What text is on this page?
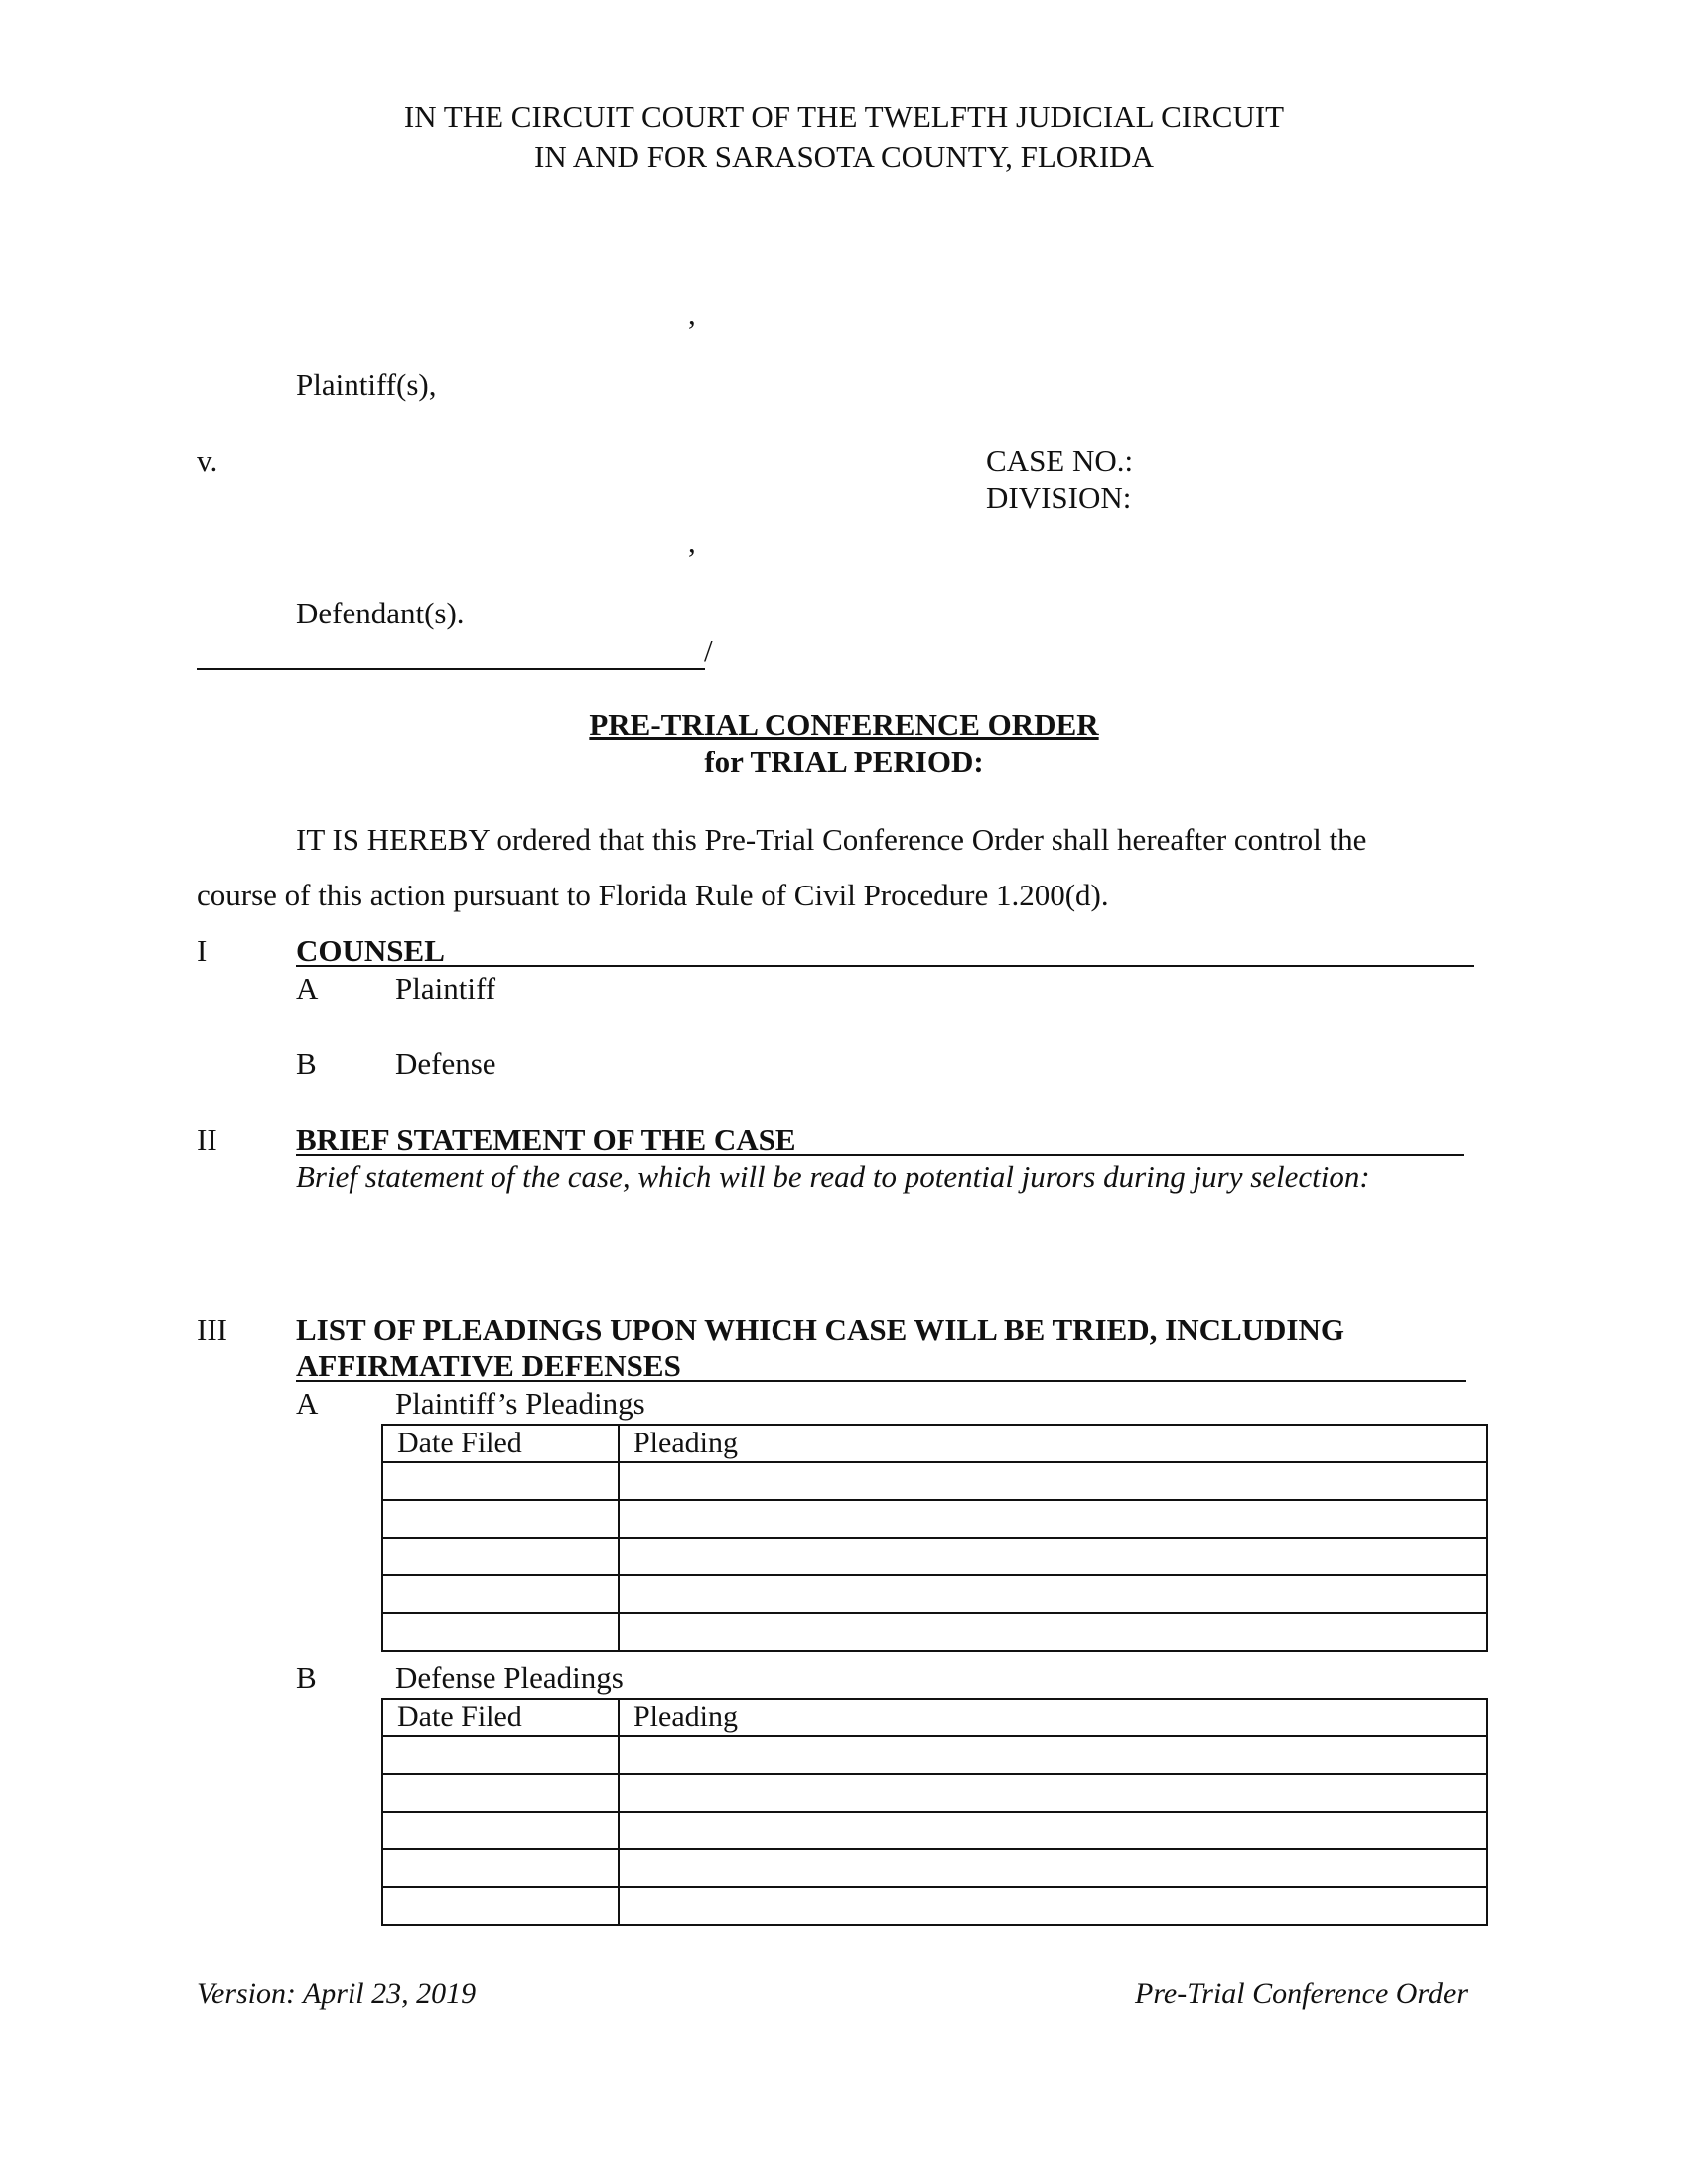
IN THE CIRCUIT COURT OF THE TWELFTH JUDICIAL CIRCUIT
IN AND FOR SARASOTA COUNTY, FLORIDA
,
Plaintiff(s),
v.	CASE NO.:
DIVISION:
,
Defendant(s).
/
PRE-TRIAL CONFERENCE ORDER
for TRIAL PERIOD:
IT IS HEREBY ordered that this Pre-Trial Conference Order shall hereafter control the
course of this action pursuant to Florida Rule of Civil Procedure 1.200(d).
I	COUNSEL
A	Plaintiff
B	Defense
II	BRIEF STATEMENT OF THE CASE
Brief statement of the case, which will be read to potential jurors during jury selection:
III LIST OF PLEADINGS UPON WHICH CASE WILL BE TRIED, INCLUDING
AFFIRMATIVE DEFENSES
A	Plaintiff’s Pleadings
Date Filed	Pleading

B	Defense Pleadings
Date Filed	Pleading

Version: April 23, 2019	Pre-Trial Conference Order
